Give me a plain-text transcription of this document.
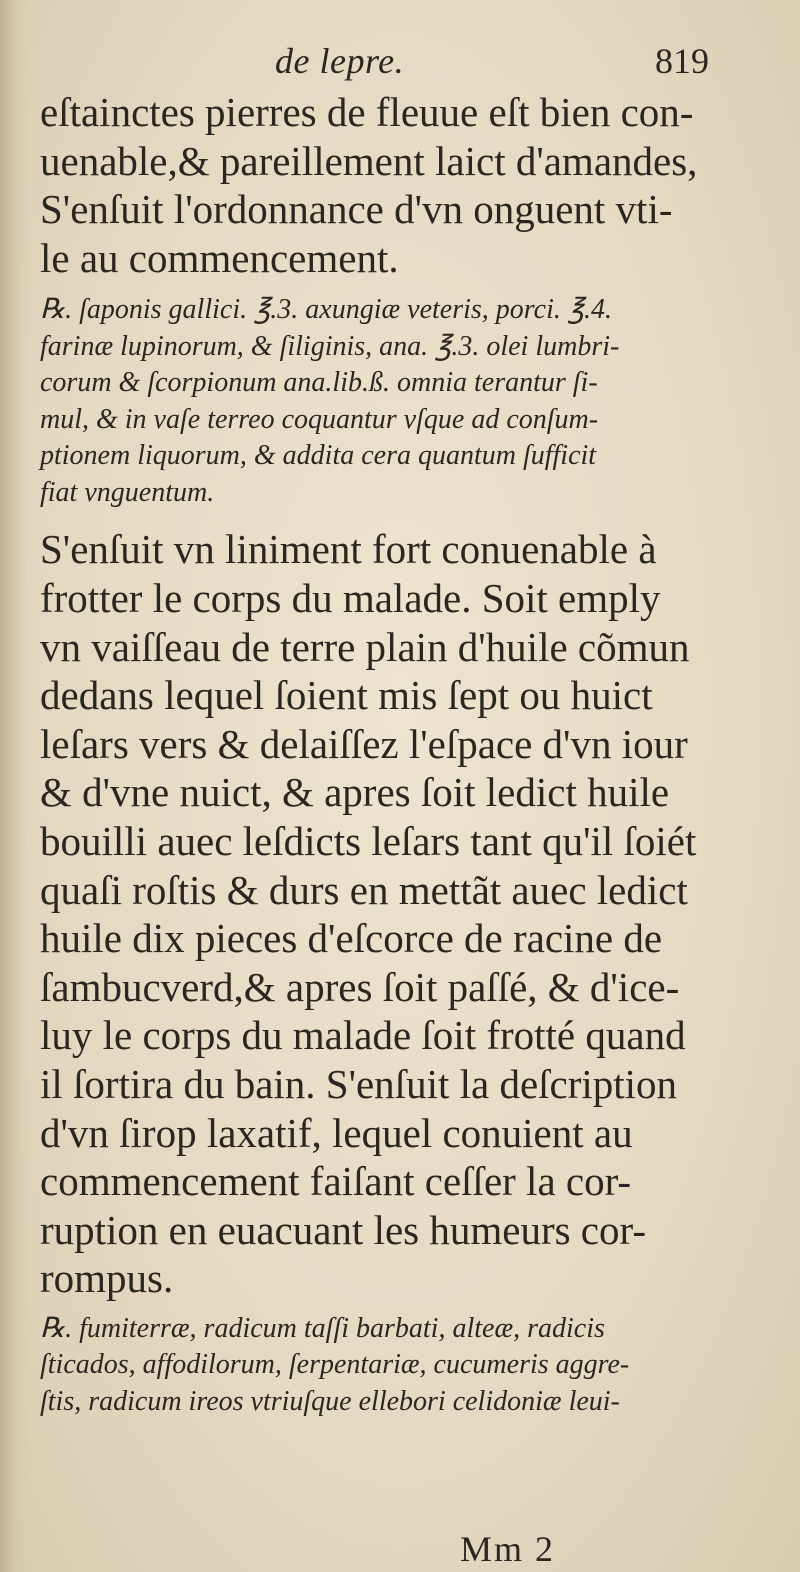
de lepre.	819
eſtainctes pierres de fleuue eſt bien con-
uenable,& pareillement laict d'amandes,
S'enſuit l'ordonnance d'vn onguent vti-
le au commencement.
℞. ſaponis gallici. ℥.3. axungiæ veteris, porci. ℥.4.
farinæ lupinorum, & ſiliginis, ana. ℥.3. olei lumbri-
corum & ſcorpionum ana.lib.ß. omnia terantur ſi-
mul, & in vaſe terreo coquantur vſque ad conſum-
ptionem liquorum, & addita cera quantum ſufficit
fiat vnguentum.
S'enſuit vn liniment fort conuenable à
frotter le corps du malade. Soit emply
vn vaiſſeau de terre plain d'huile cõmun
dedans lequel ſoient mis ſept ou huict
leſars vers & delaiſſez l'eſpace d'vn iour
& d'vne nuict, & apres ſoit ledict huile
bouilli auec leſdicts leſars tant qu'il ſoiét
quaſi roſtis & durs en mettãt auec ledict
huile dix pieces d'eſcorce de racine de
ſambucverd,& apres ſoit paſſé, & d'ice-
luy le corps du malade ſoit frotté quand
il ſortira du bain. S'enſuit la deſcription
d'vn ſirop laxatif, lequel conuient au
commencement faiſant ceſſer la cor-
ruption en euacuant les humeurs cor-
rompus.
℞. fumiterræ, radicum taſſi barbati, alteæ, radicis
ſticados, affodilorum, ſerpentariæ, cucumeris aggre-
ſtis, radicum ireos vtriuſque ellebori celidoniæ leui-
Mm 2
